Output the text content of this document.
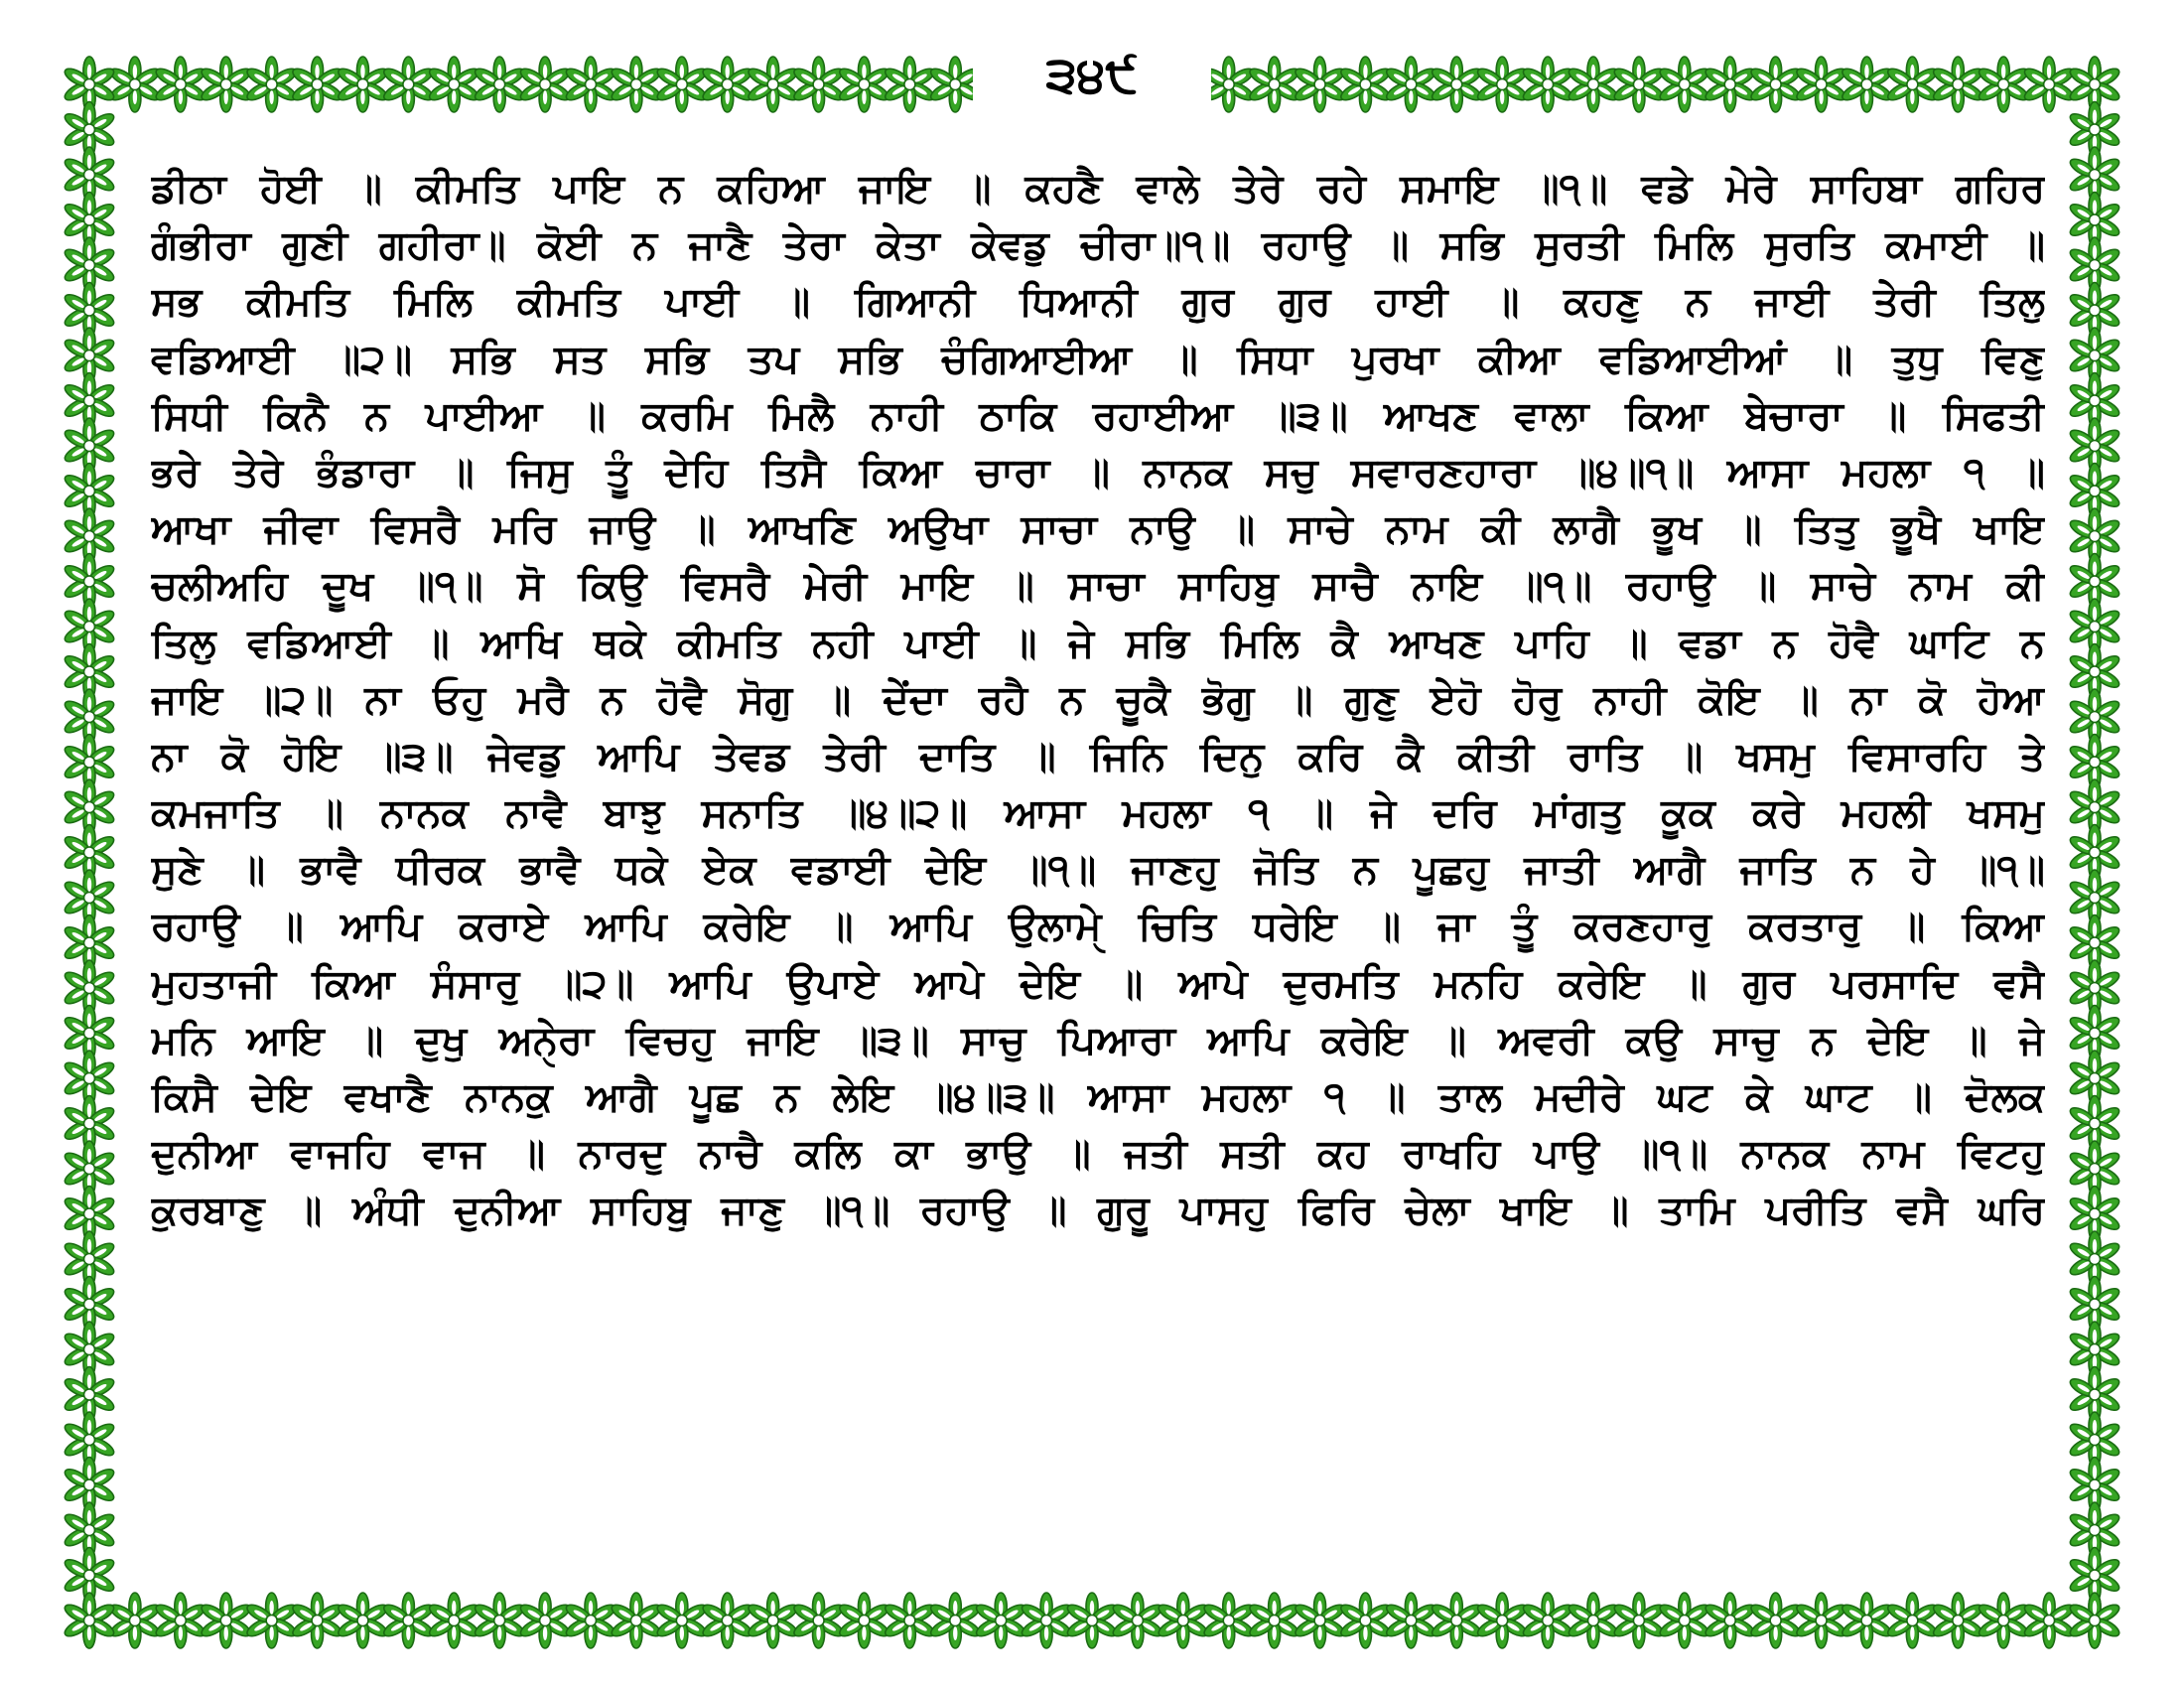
੩੪੯
ਡੀਠਾ ਹੋਈ ॥ ਕੀਮਤਿ ਪਾਇ ਨ ਕਹਿਆ ਜਾਇ ॥ ਕਹਣੈ ਵਾਲੇ ਤੇਰੇ ਰਹੇ ਸਮਾਇ ॥੧॥ ਵਡੇ ਮੇਰੇ ਸਾਹਿਬਾ ਗਹਿਰ
ਗੰਭੀਰਾ ਗੁਣੀ ਗਹੀਰਾ॥ ਕੋਈ ਨ ਜਾਣੈ ਤੇਰਾ ਕੇਤਾ ਕੇਵਡੁ ਚੀਰਾ॥੧॥ ਰਹਾਉ ॥ ਸਭਿ ਸੁਰਤੀ ਮਿਲਿ ਸੁਰਤਿ ਕਮਾਈ ॥
ਸਭ ਕੀਮਤਿ ਮਿਲਿ ਕੀਮਤਿ ਪਾਈ ॥ ਗਿਆਨੀ ਧਿਆਨੀ ਗੁਰ ਗੁਰ ਹਾਈ ॥ ਕਹਣੁ ਨ ਜਾਈ ਤੇਰੀ ਤਿਲੁ
ਵਡਿਆਈ ॥੨॥ ਸਭਿ ਸਤ ਸਭਿ ਤਪ ਸਭਿ ਚੰਗਿਆਈਆ ॥ ਸਿਧਾ ਪੁਰਖਾ ਕੀਆ ਵਡਿਆਈਆਂ ॥ ਤੁਧੁ ਵਿਣੁ
ਸਿਧੀ ਕਿਨੈ ਨ ਪਾਈਆ ॥ ਕਰਮਿ ਮਿਲੈ ਨਾਹੀ ਠਾਕਿ ਰਹਾਈਆ ॥੩॥ ਆਖਣ ਵਾਲਾ ਕਿਆ ਬੇਚਾਰਾ ॥ ਸਿਫਤੀ
ਭਰੇ ਤੇਰੇ ਭੰਡਾਰਾ ॥ ਜਿਸੁ ਤੂੰ ਦੇਹਿ ਤਿਸੈ ਕਿਆ ਚਾਰਾ ॥ ਨਾਨਕ ਸਚੁ ਸਵਾਰਣਹਾਰਾ ॥੪॥੧॥ ਆਸਾ ਮਹਲਾ ੧ ॥
ਆਖਾ ਜੀਵਾ ਵਿਸਰੈ ਮਰਿ ਜਾਉ ॥ ਆਖਣਿ ਅਉਖਾ ਸਾਚਾ ਨਾਉ ॥ ਸਾਚੇ ਨਾਮ ਕੀ ਲਾਗੈ ਭੂਖ ॥ ਤਿਤੁ ਭੂਖੈ ਖਾਇ
ਚਲੀਅਹਿ ਦੂਖ ॥੧॥ ਸੋ ਕਿਉ ਵਿਸਰੈ ਮੇਰੀ ਮਾਇ ॥ ਸਾਚਾ ਸਾਹਿਬੁ ਸਾਚੈ ਨਾਇ ॥੧॥ ਰਹਾਉ ॥ ਸਾਚੇ ਨਾਮ ਕੀ
ਤਿਲੁ ਵਡਿਆਈ ॥ ਆਖਿ ਥਕੇ ਕੀਮਤਿ ਨਹੀ ਪਾਈ ॥ ਜੇ ਸਭਿ ਮਿਲਿ ਕੈ ਆਖਣ ਪਾਹਿ ॥ ਵਡਾ ਨ ਹੋਵੈ ਘਾਟਿ ਨ
ਜਾਇ ॥੨॥ ਨਾ ਓਹੁ ਮਰੈ ਨ ਹੋਵੈ ਸੋਗੁ ॥ ਦੇਂਦਾ ਰਹੈ ਨ ਚੂਕੈ ਭੋਗੁ ॥ ਗੁਣੁ ਏਹੋ ਹੋਰੁ ਨਾਹੀ ਕੋਇ ॥ ਨਾ ਕੋ ਹੋਆ
ਨਾ ਕੋ ਹੋਇ ॥੩॥ ਜੇਵਡੁ ਆਪਿ ਤੇਵਡ ਤੇਰੀ ਦਾਤਿ ॥ ਜਿਨਿ ਦਿਨੁ ਕਰਿ ਕੈ ਕੀਤੀ ਰਾਤਿ ॥ ਖਸਮੁ ਵਿਸਾਰਹਿ ਤੇ
ਕਮਜਾਤਿ ॥ ਨਾਨਕ ਨਾਵੈ ਬਾਝੁ ਸਨਾਤਿ ॥੪॥੨॥ ਆਸਾ ਮਹਲਾ ੧ ॥ ਜੇ ਦਰਿ ਮਾਂਗਤੁ ਕੂਕ ਕਰੇ ਮਹਲੀ ਖਸਮੁ
ਸੁਣੇ ॥ ਭਾਵੈ ਧੀਰਕ ਭਾਵੈ ਧਕੇ ਏਕ ਵਡਾਈ ਦੇਇ ॥੧॥ ਜਾਣਹੁ ਜੋਤਿ ਨ ਪੂਛਹੁ ਜਾਤੀ ਆਗੈ ਜਾਤਿ ਨ ਹੇ ॥੧॥
ਰਹਾਉ ॥ ਆਪਿ ਕਰਾਏ ਆਪਿ ਕਰੇਇ ॥ ਆਪਿ ਉਲਾਮੑੇ ਚਿਤਿ ਧਰੇਇ ॥ ਜਾ ਤੂੰ ਕਰਣਹਾਰੁ ਕਰਤਾਰੁ ॥ ਕਿਆ
ਮੁਹਤਾਜੀ ਕਿਆ ਸੰਸਾਰੁ ॥੨॥ ਆਪਿ ਉਪਾਏ ਆਪੇ ਦੇਇ ॥ ਆਪੇ ਦੁਰਮਤਿ ਮਨਹਿ ਕਰੇਇ ॥ ਗੁਰ ਪਰਸਾਦਿ ਵਸੈ
ਮਨਿ ਆਇ ॥ ਦੁਖੁ ਅਨੑੇਰਾ ਵਿਚਹੁ ਜਾਇ ॥੩॥ ਸਾਚੁ ਪਿਆਰਾ ਆਪਿ ਕਰੇਇ ॥ ਅਵਰੀ ਕਉ ਸਾਚੁ ਨ ਦੇਇ ॥ ਜੇ
ਕਿਸੈ ਦੇਇ ਵਖਾਣੈ ਨਾਨਕੁ ਆਗੈ ਪੂਛ ਨ ਲੇਇ ॥੪॥੩॥ ਆਸਾ ਮਹਲਾ ੧ ॥ ਤਾਲ ਮਦੀਰੇ ਘਟ ਕੇ ਘਾਟ ॥ ਦੋਲਕ
ਦੁਨੀਆ ਵਾਜਹਿ ਵਾਜ ॥ ਨਾਰਦੁ ਨਾਚੈ ਕਲਿ ਕਾ ਭਾਉ ॥ ਜਤੀ ਸਤੀ ਕਹ ਰਾਖਹਿ ਪਾਉ ॥੧॥ ਨਾਨਕ ਨਾਮ ਵਿਟਹੁ
ਕੁਰਬਾਣੁ ॥ ਅੰਧੀ ਦੁਨੀਆ ਸਾਹਿਬੁ ਜਾਣੁ ॥੧॥ ਰਹਾਉ ॥ ਗੁਰੂ ਪਾਸਹੁ ਫਿਰਿ ਚੇਲਾ ਖਾਇ ॥ ਤਾਮਿ ਪਰੀਤਿ ਵਸੈ ਘਰਿ
